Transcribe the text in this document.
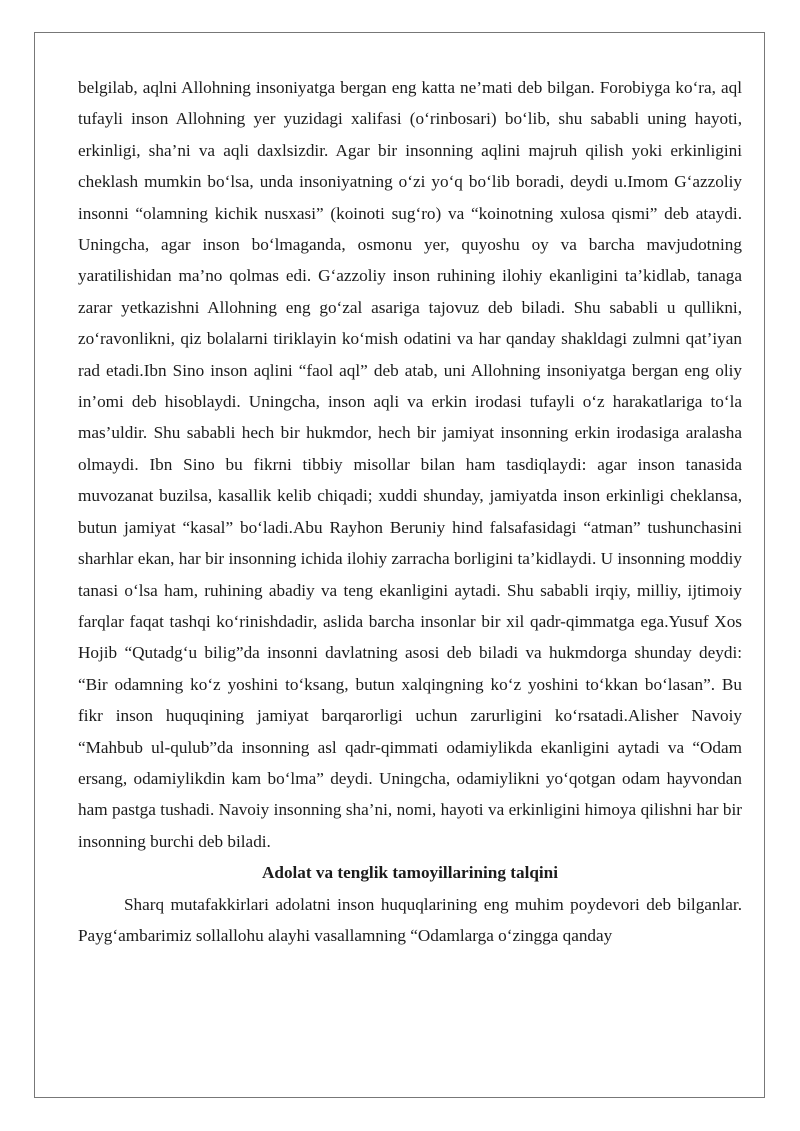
belgilab, aqlni Allohning insoniyatga bergan eng katta ne’mati deb bilgan. Forobiyga ko‘ra, aql tufayli inson Allohning yer yuzidagi xalifasi (o‘rinbosari) bo‘lib, shu sababli uning hayoti, erkinligi, sha’ni va aqli daxlsizdir. Agar bir insonning aqlini majruh qilish yoki erkinligini cheklash mumkin bo‘lsa, unda insoniyatning o‘zi yo‘q bo‘lib boradi, deydi u.Imom G‘azzoliy insonni “olamning kichik nusxasi” (koinoti sug‘ro) va “koinotning xulosa qismi” deb ataydi. Uningcha, agar inson bo‘lmaganda, osmonu yer, quyoshu oy va barcha mavjudotning yaratilishidan ma’no qolmas edi. G‘azzoliy inson ruhining ilohiy ekanligini ta’kidlab, tanaga zarar yetkazishni Allohning eng go‘zal asariga tajovuz deb biladi. Shu sababli u qullikni, zo‘ravonlikni, qiz bolalarni tiriklayin ko‘mish odatini va har qanday shakldagi zulmni qat’iyan rad etadi.Ibn Sino inson aqlini “faol aql” deb atab, uni Allohning insoniyatga bergan eng oliy in’omi deb hisoblaydi. Uningcha, inson aqli va erkin irodasi tufayli o‘z harakatlariga to‘la mas’uldir. Shu sababli hech bir hukmdor, hech bir jamiyat insonning erkin irodasiga aralasha olmaydi. Ibn Sino bu fikrni tibbiy misollar bilan ham tasdiqlaydi: agar inson tanasida muvozanat buzilsa, kasallik kelib chiqadi; xuddi shunday, jamiyatda inson erkinligi cheklansa, butun jamiyat “kasal” bo‘ladi.Abu Rayhon Beruniy hind falsafasidagi “atman” tushunchasini sharhlar ekan, har bir insonning ichida ilohiy zarracha borligini ta’kidlaydi. U insonning moddiy tanasi o‘lsa ham, ruhining abadiy va teng ekanligini aytadi. Shu sababli irqiy, milliy, ijtimoiy farqlar faqat tashqi ko‘rinishdadir, aslida barcha insonlar bir xil qadr-qimmatga ega.Yusuf Xos Hojib “Qutadg‘u bilig”da insonni davlatning asosi deb biladi va hukmdorga shunday deydi: “Bir odamning ko‘z yoshini to‘ksang, butun xalqingning ko‘z yoshini to‘kkan bo‘lasan”. Bu fikr inson huquqining jamiyat barqarorligi uchun zarurligini ko‘rsatadi.Alisher Navoiy “Mahbub ul-qulub”da insonning asl qadr-qimmati odamiylikda ekanligini aytadi va “Odam ersang, odamiylikdin kam bo‘lma” deydi. Uningcha, odamiylikni yo‘qotgan odam hayvondan ham pastga tushadi. Navoiy insonning sha’ni, nomi, hayoti va erkinligini himoya qilishni har bir insonning burchi deb biladi.

Adolat va tenglik tamoyillarining talqini

Sharq mutafakkirlari adolatni inson huquqlarining eng muhim poydevori deb bilganlar. Payg‘ambarimiz sollallohu alayhi vasallamning “Odamlarga o‘zingga qanday
